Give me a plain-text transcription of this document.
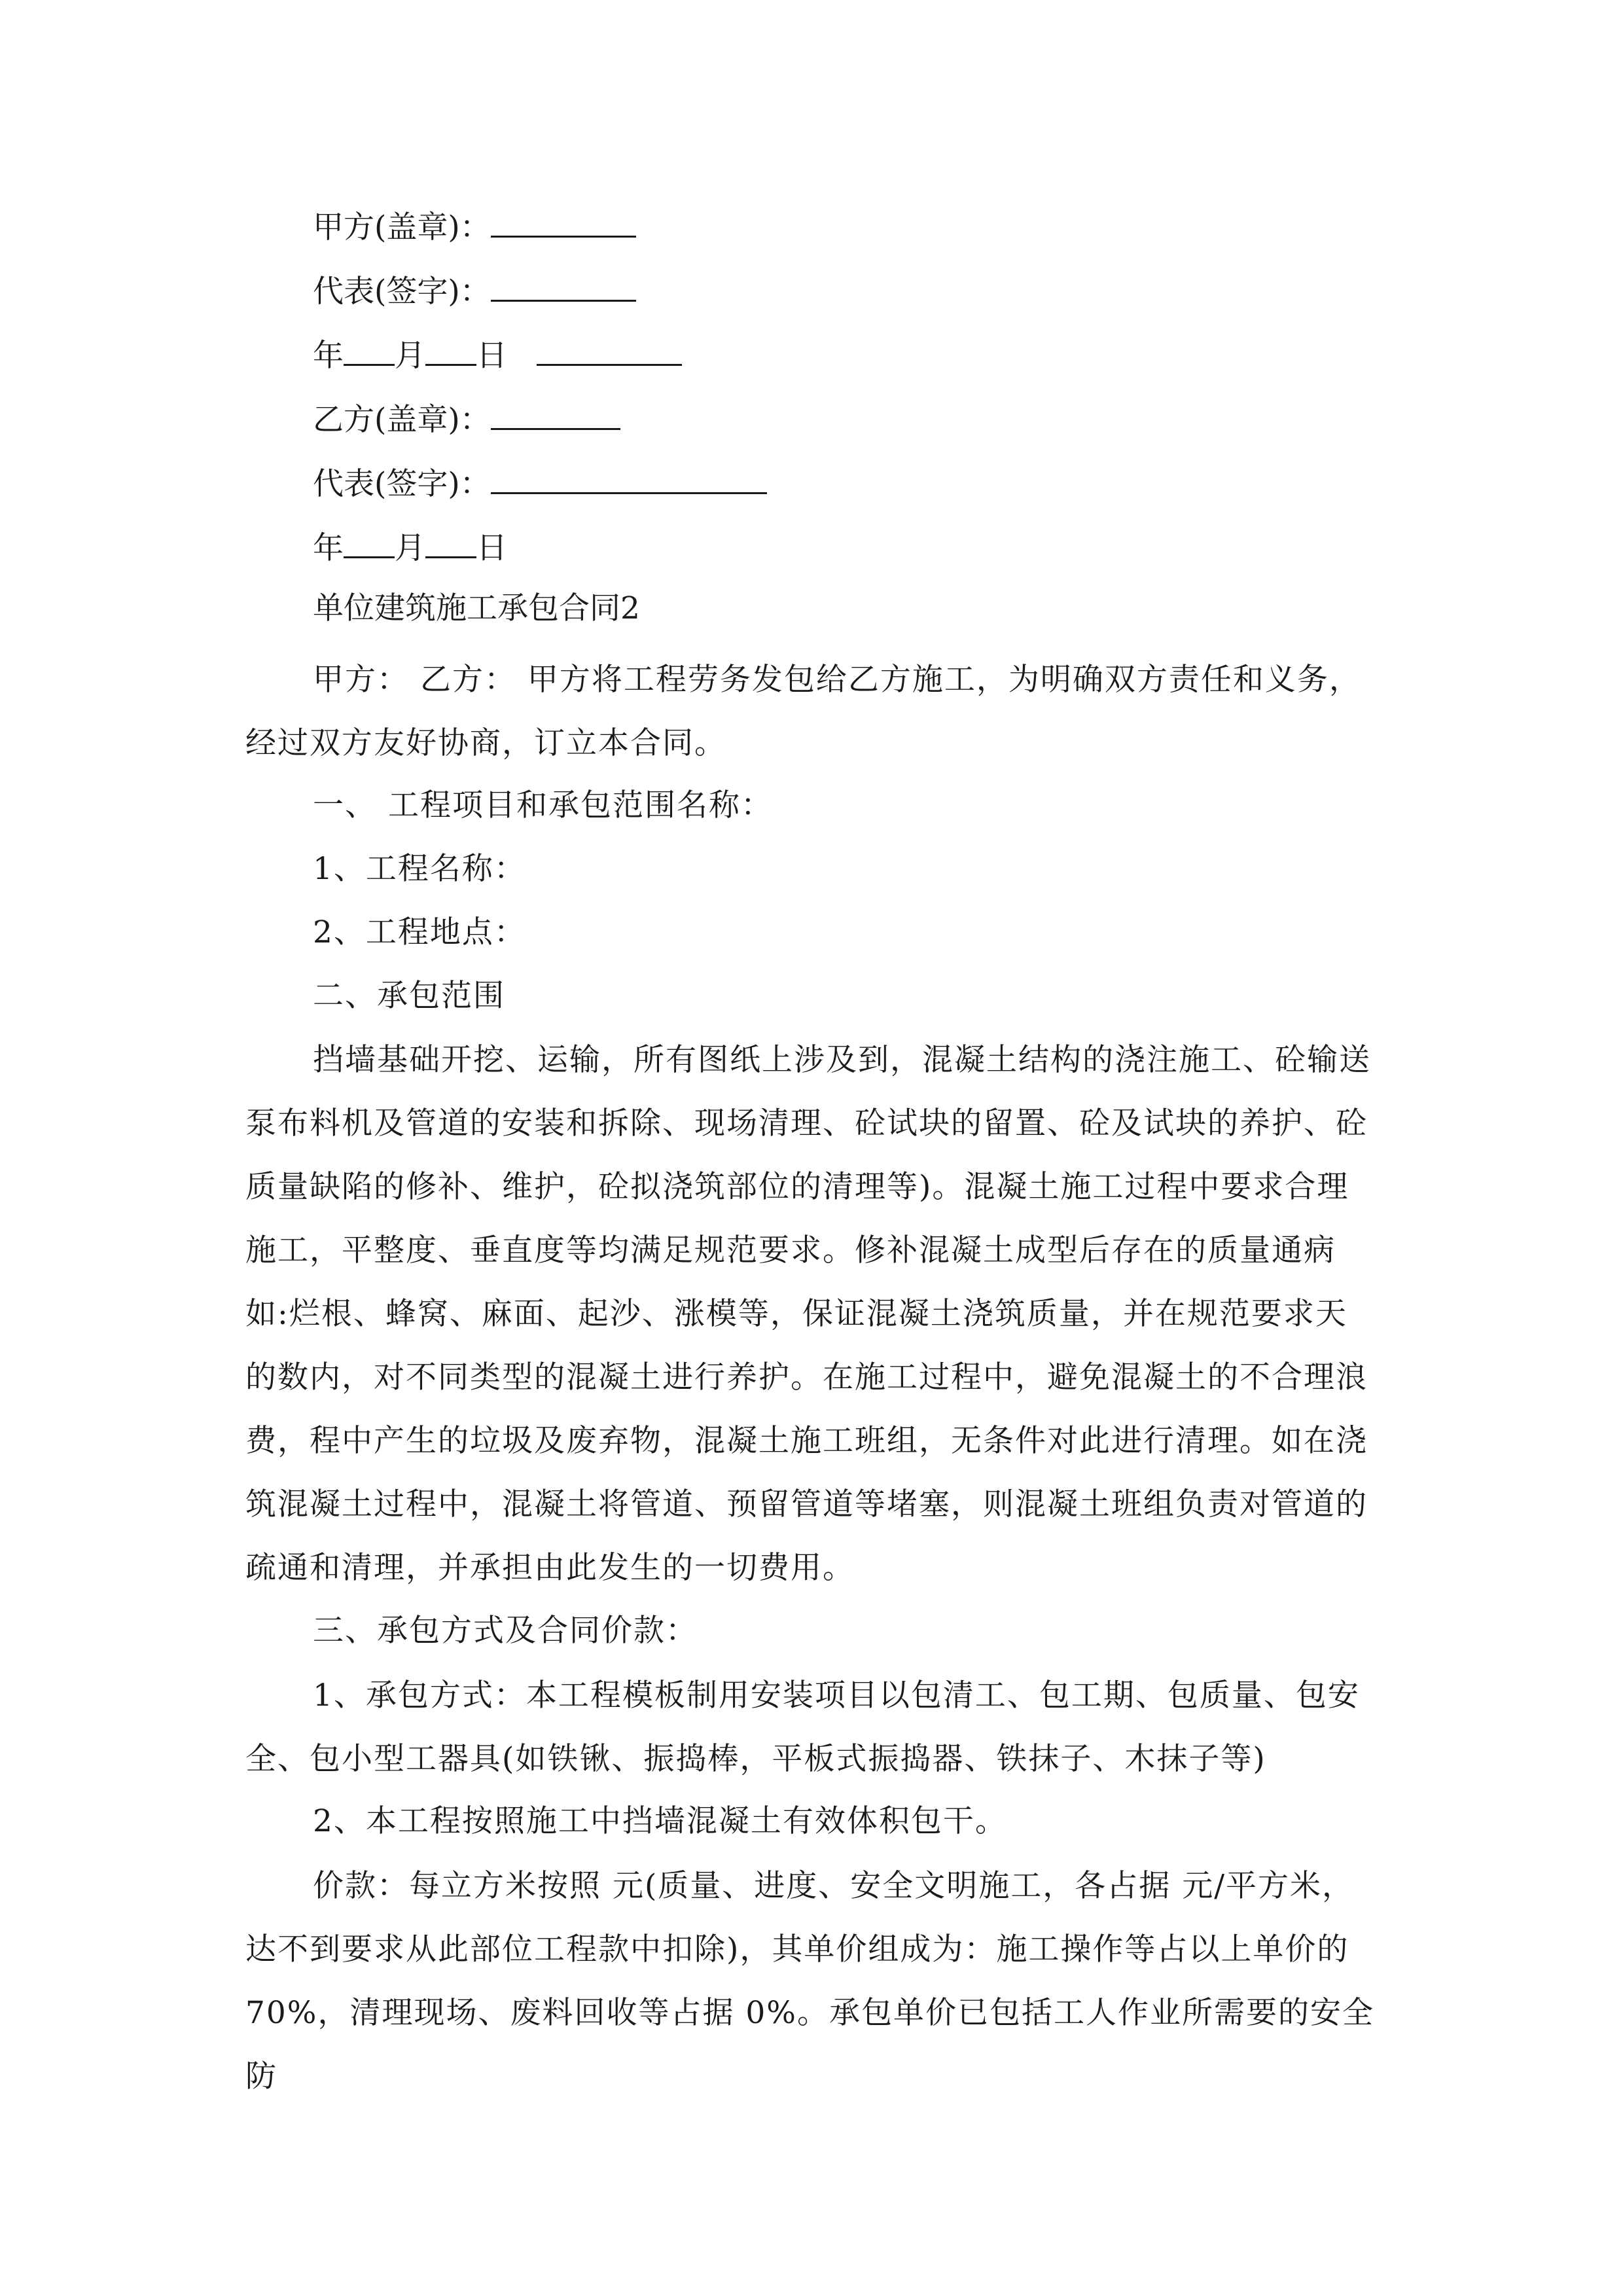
甲方(盖章)：
代表(签字)：
年 月 日
乙方(盖章)：
代表(签字)：
年 月 日
单位建筑施工承包合同2

甲方： 乙方： 甲方将工程劳务发包给乙方施工，为明确双方责任和义务，经过双方友好协商，订立本合同。

一、 工程项目和承包范围名称：
1、工程名称：
2、工程地点：
二、承包范围

挡墙基础开挖、运输，所有图纸上涉及到，混凝土结构的浇注施工、砼输送泵布料机及管道的安装和拆除、现场清理、砼试块的留置、砼及试块的养护、砼质量缺陷的修补、维护，砼拟浇筑部位的清理等)。混凝土施工过程中要求合理施工，平整度、垂直度等均满足规范要求。修补混凝土成型后存在的质量通病如:烂根、蜂窝、麻面、起沙、涨模等，保证混凝土浇筑质量，并在规范要求天的数内，对不同类型的混凝土进行养护。在施工过程中，避免混凝土的不合理浪费，程中产生的垃圾及废弃物，混凝土施工班组，无条件对此进行清理。如在浇筑混凝土过程中，混凝土将管道、预留管道等堵塞，则混凝土班组负责对管道的疏通和清理，并承担由此发生的一切费用。

三、承包方式及合同价款：

1、承包方式：本工程模板制用安装项目以包清工、包工期、包质量、包安全、包小型工器具(如铁锹、振捣棒，平板式振捣器、铁抹子、木抹子等)

2、本工程按照施工中挡墙混凝土有效体积包干。

价款：每立方米按照 元(质量、进度、安全文明施工，各占据 元/平方米，达不到要求从此部位工程款中扣除)，其单价组成为：施工操作等占以上单价的70%，清理现场、废料回收等占据 0%。承包单价已包括工人作业所需要的安全防
